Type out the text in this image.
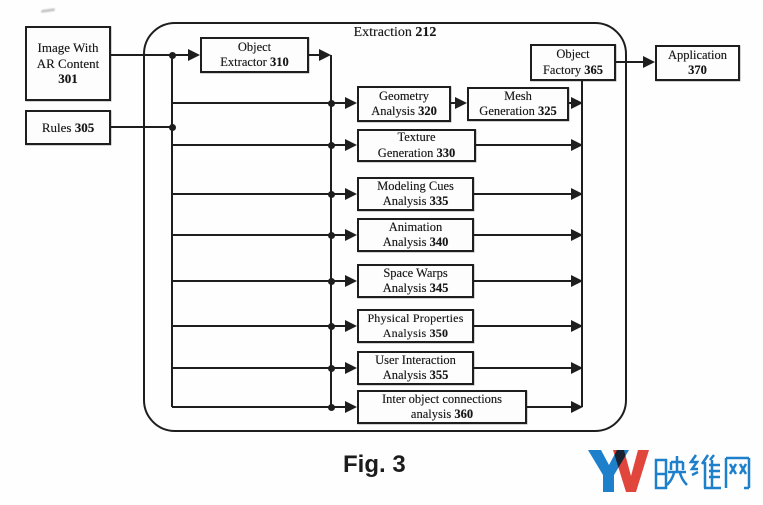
Image With
AR Content
301
Rules 305
Extraction 212
Object
Extractor 310
Geometry
Analysis 320
Mesh
Generation 325
Texture
Generation 330
Modeling Cues
Analysis 335
Animation
Analysis 340
Space Warps
Analysis 345
Physical Properties
Analysis 350
User Interaction
Analysis 355
Inter object connections
analysis 360
Object
Factory 365
Application
370
Fig. 3
